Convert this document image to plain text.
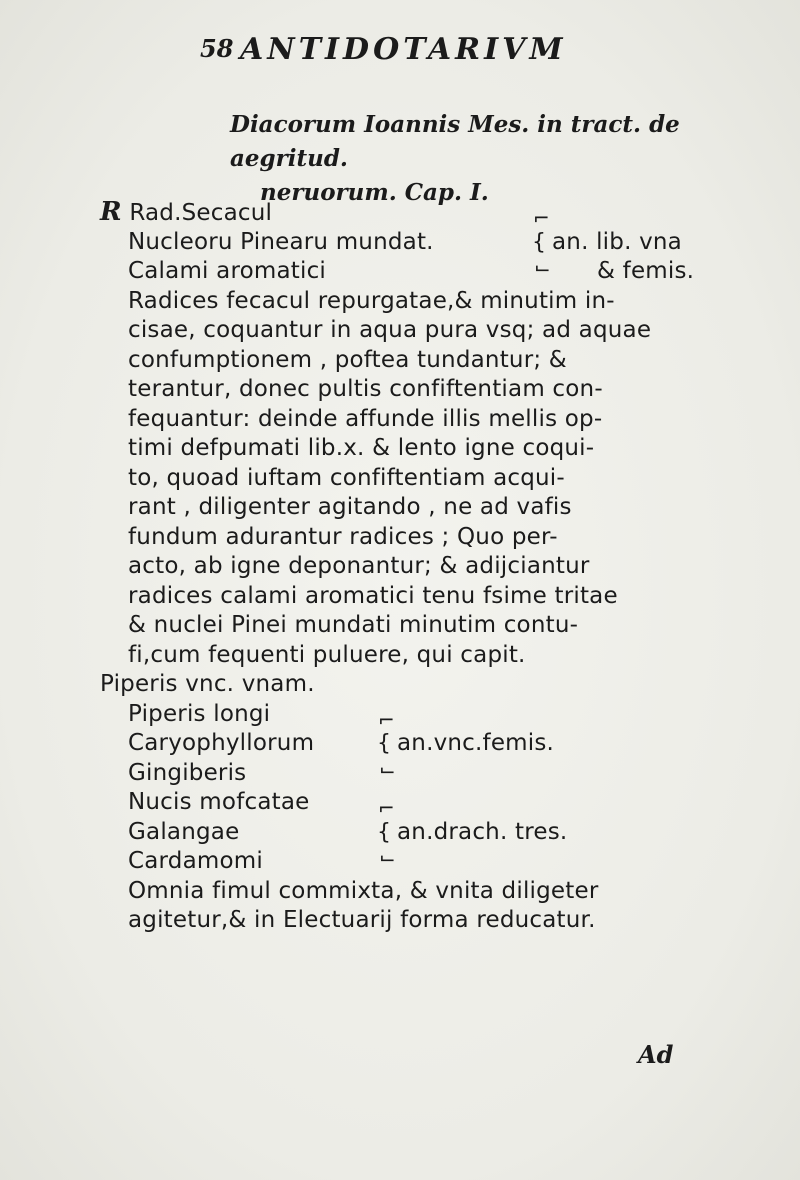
58 ANTIDOTARIVM
Diacorum Ioannis Mes. in tract. de aegritud.
neruorum. Cap. I.
R Rad.Secacul	⌐
Nucleoru Pinearu mundat.	{ an. lib. vna
Calami aromatici	⌙ & femis.
Radices fecacul repurgatae,& minutim in-
cisae, coquantur in aqua pura vsq; ad aquae
confumptionem , poftea tundantur; &
terantur, donec pultis confiftentiam con-
fequantur: deinde affunde illis mellis op-
timi defpumati lib.x. & lento igne coqui-
to, quoad iuftam confiftentiam acqui-
rant , diligenter agitando , ne ad vafis
fundum adurantur radices ; Quo per-
acto, ab igne deponantur; & adijciantur
radices calami aromatici tenu fsime tritae
& nuclei Pinei mundati minutim contu-
fi,cum fequenti puluere, qui capit.
Piperis vnc. vnam.
Piperis longi	⌐
Caryophyllorum	{ an.vnc.femis.
Gingiberis	⌙
Nucis mofcatae	⌐
Galangae	{ an.drach. tres.
Cardamomi	⌙
Omnia fimul commixta, & vnita diligeter
agitetur,& in Electuarij forma reducatur.
Ad
